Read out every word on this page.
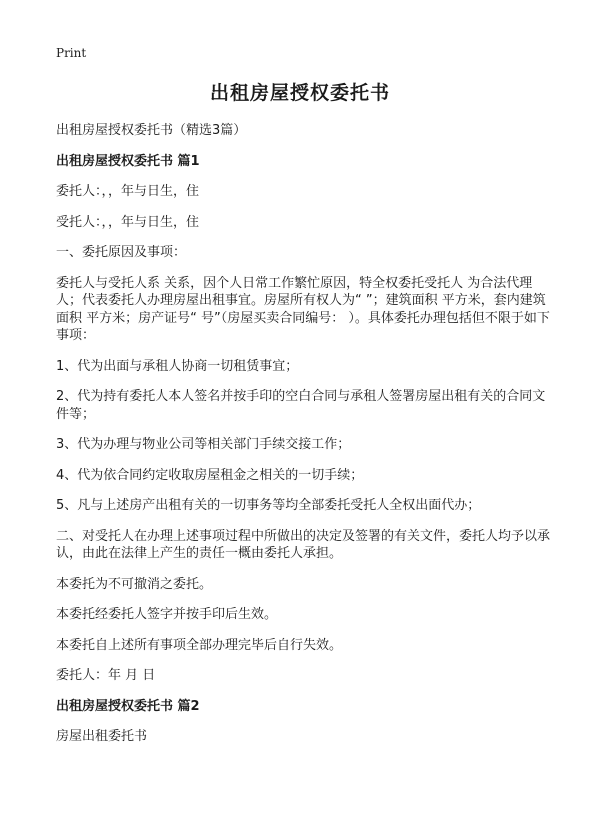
Print
出租房屋授权委托书

出租房屋授权委托书（精选3篇）

出租房屋授权委托书 篇1

委托人：，，年与日生，住

受托人：，，年与日生，住

一、委托原因及事项：

委托人与受托人系 关系，因个人日常工作繁忙原因，特全权委托受托人 为合法代理人；代表委托人办理房屋出租事宜。房屋所有权人为“ ”；建筑面积 平方米，套内建筑面积 平方米；房产证号“ 号”（房屋买卖合同编号： ）。具体委托办理包括但不限于如下事项：

1、代为出面与承租人协商一切租赁事宜；

2、代为持有委托人本人签名并按手印的空白合同与承租人签署房屋出租有关的合同文件等；

3、代为办理与物业公司等相关部门手续交接工作；

4、代为依合同约定收取房屋租金之相关的一切手续；

5、凡与上述房产出租有关的一切事务等均全部委托受托人全权出面代办；

二、对受托人在办理上述事项过程中所做出的决定及签署的有关文件，委托人均予以承认，由此在法律上产生的责任一概由委托人承担。

本委托为不可撤消之委托。

本委托经委托人签字并按手印后生效。

本委托自上述所有事项全部办理完毕后自行失效。

委托人：年 月 日

出租房屋授权委托书 篇2

房屋出租委托书
